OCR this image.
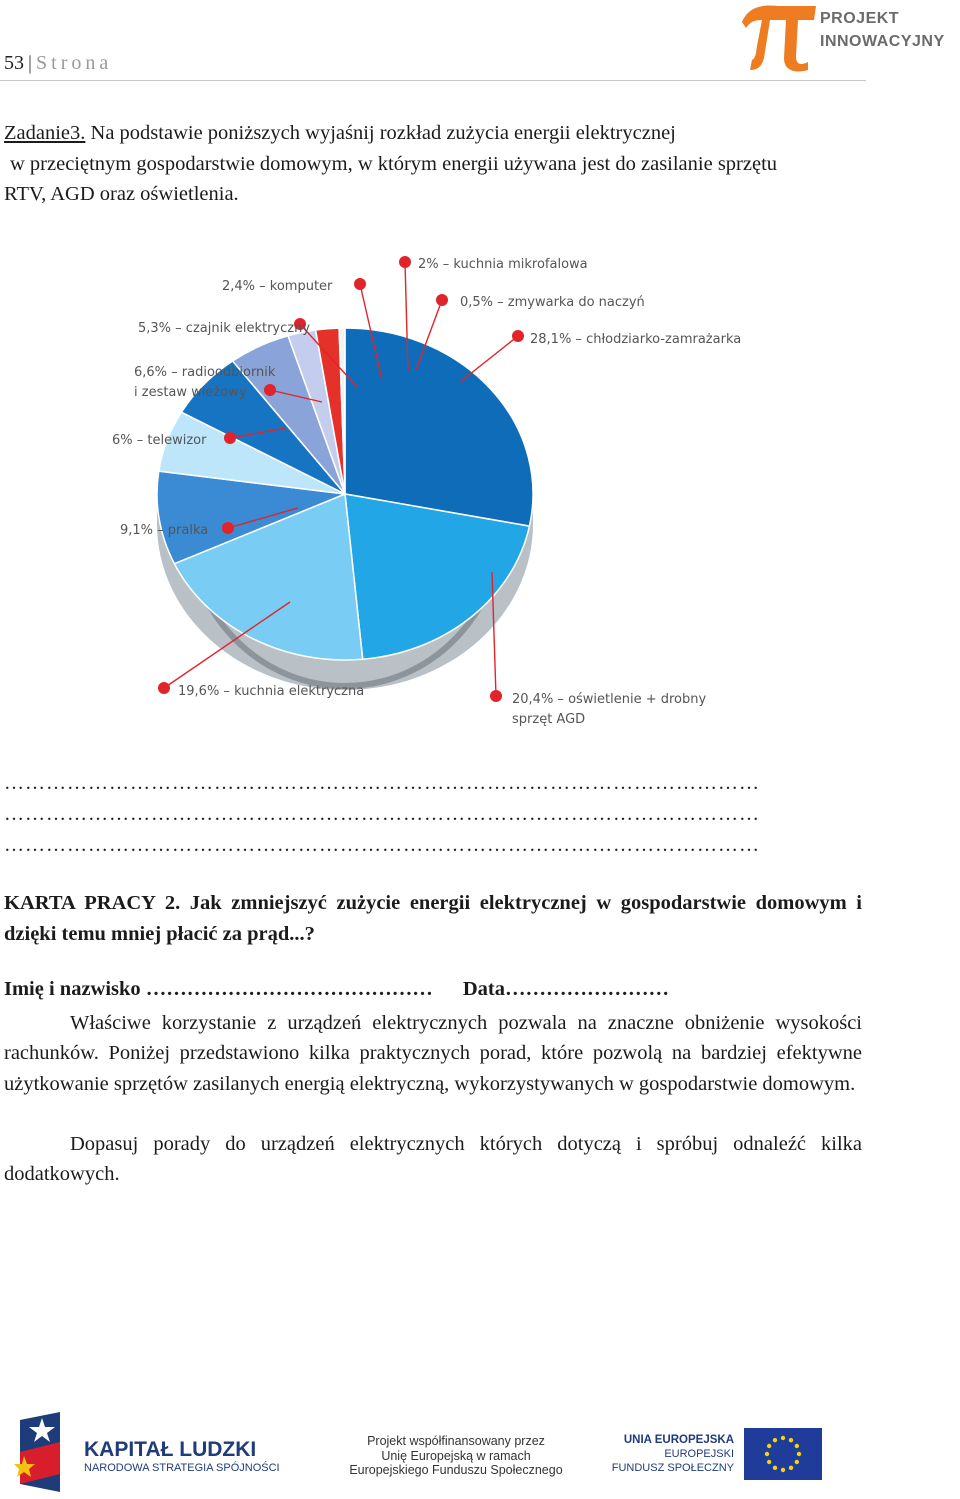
53 | Strona
PROJEKT
INNOWACYJNY
Zadanie3. Na podstawie poniższych wyjaśnij rozkład zużycia energii elektrycznej
w przeciętnym gospodarstwie domowym, w którym energii używana jest do zasilanie sprzętu
RTV, AGD oraz oświetlenia.
2% – kuchnia mikrofalowa
2,4% – komputer
0,5% – zmywarka do naczyń
5,3% – czajnik elektryczny
28,1% – chłodziarko-zamrażarka
6,6% – radioodbiornik
i zestaw wieżowy
6% – telewizor
9,1% – pralka
19,6% – kuchnia elektryczna
20,4% – oświetlenie + drobny
sprzęt AGD
………………………………………………………………………………………………
………………………………………………………………………………………………
………………………………………………………………………………………………
KARTA PRACY 2. Jak zmniejszyć zużycie energii elektrycznej w gospodarstwie domowym i dzięki temu mniej płacić za prąd...?
Imię i nazwisko …………………………………… Data……………………
Właściwe korzystanie z urządzeń elektrycznych pozwala na znaczne obniżenie wysokości rachunków. Poniżej przedstawiono kilka praktycznych porad, które pozwolą na bardziej efektywne użytkowanie sprzętów zasilanych energią elektryczną, wykorzystywanych w gospodarstwie domowym.
Dopasuj porady do urządzeń elektrycznych których dotyczą i spróbuj odnaleźć kilka dodatkowych.
KAPITAŁ LUDZKI
NARODOWA STRATEGIA SPÓJNOŚCI
Projekt współfinansowany przez
Unię Europejską w ramach
Europejskiego Funduszu Społecznego
UNIA EUROPEJSKA
EUROPEJSKI
FUNDUSZ SPOŁECZNY
